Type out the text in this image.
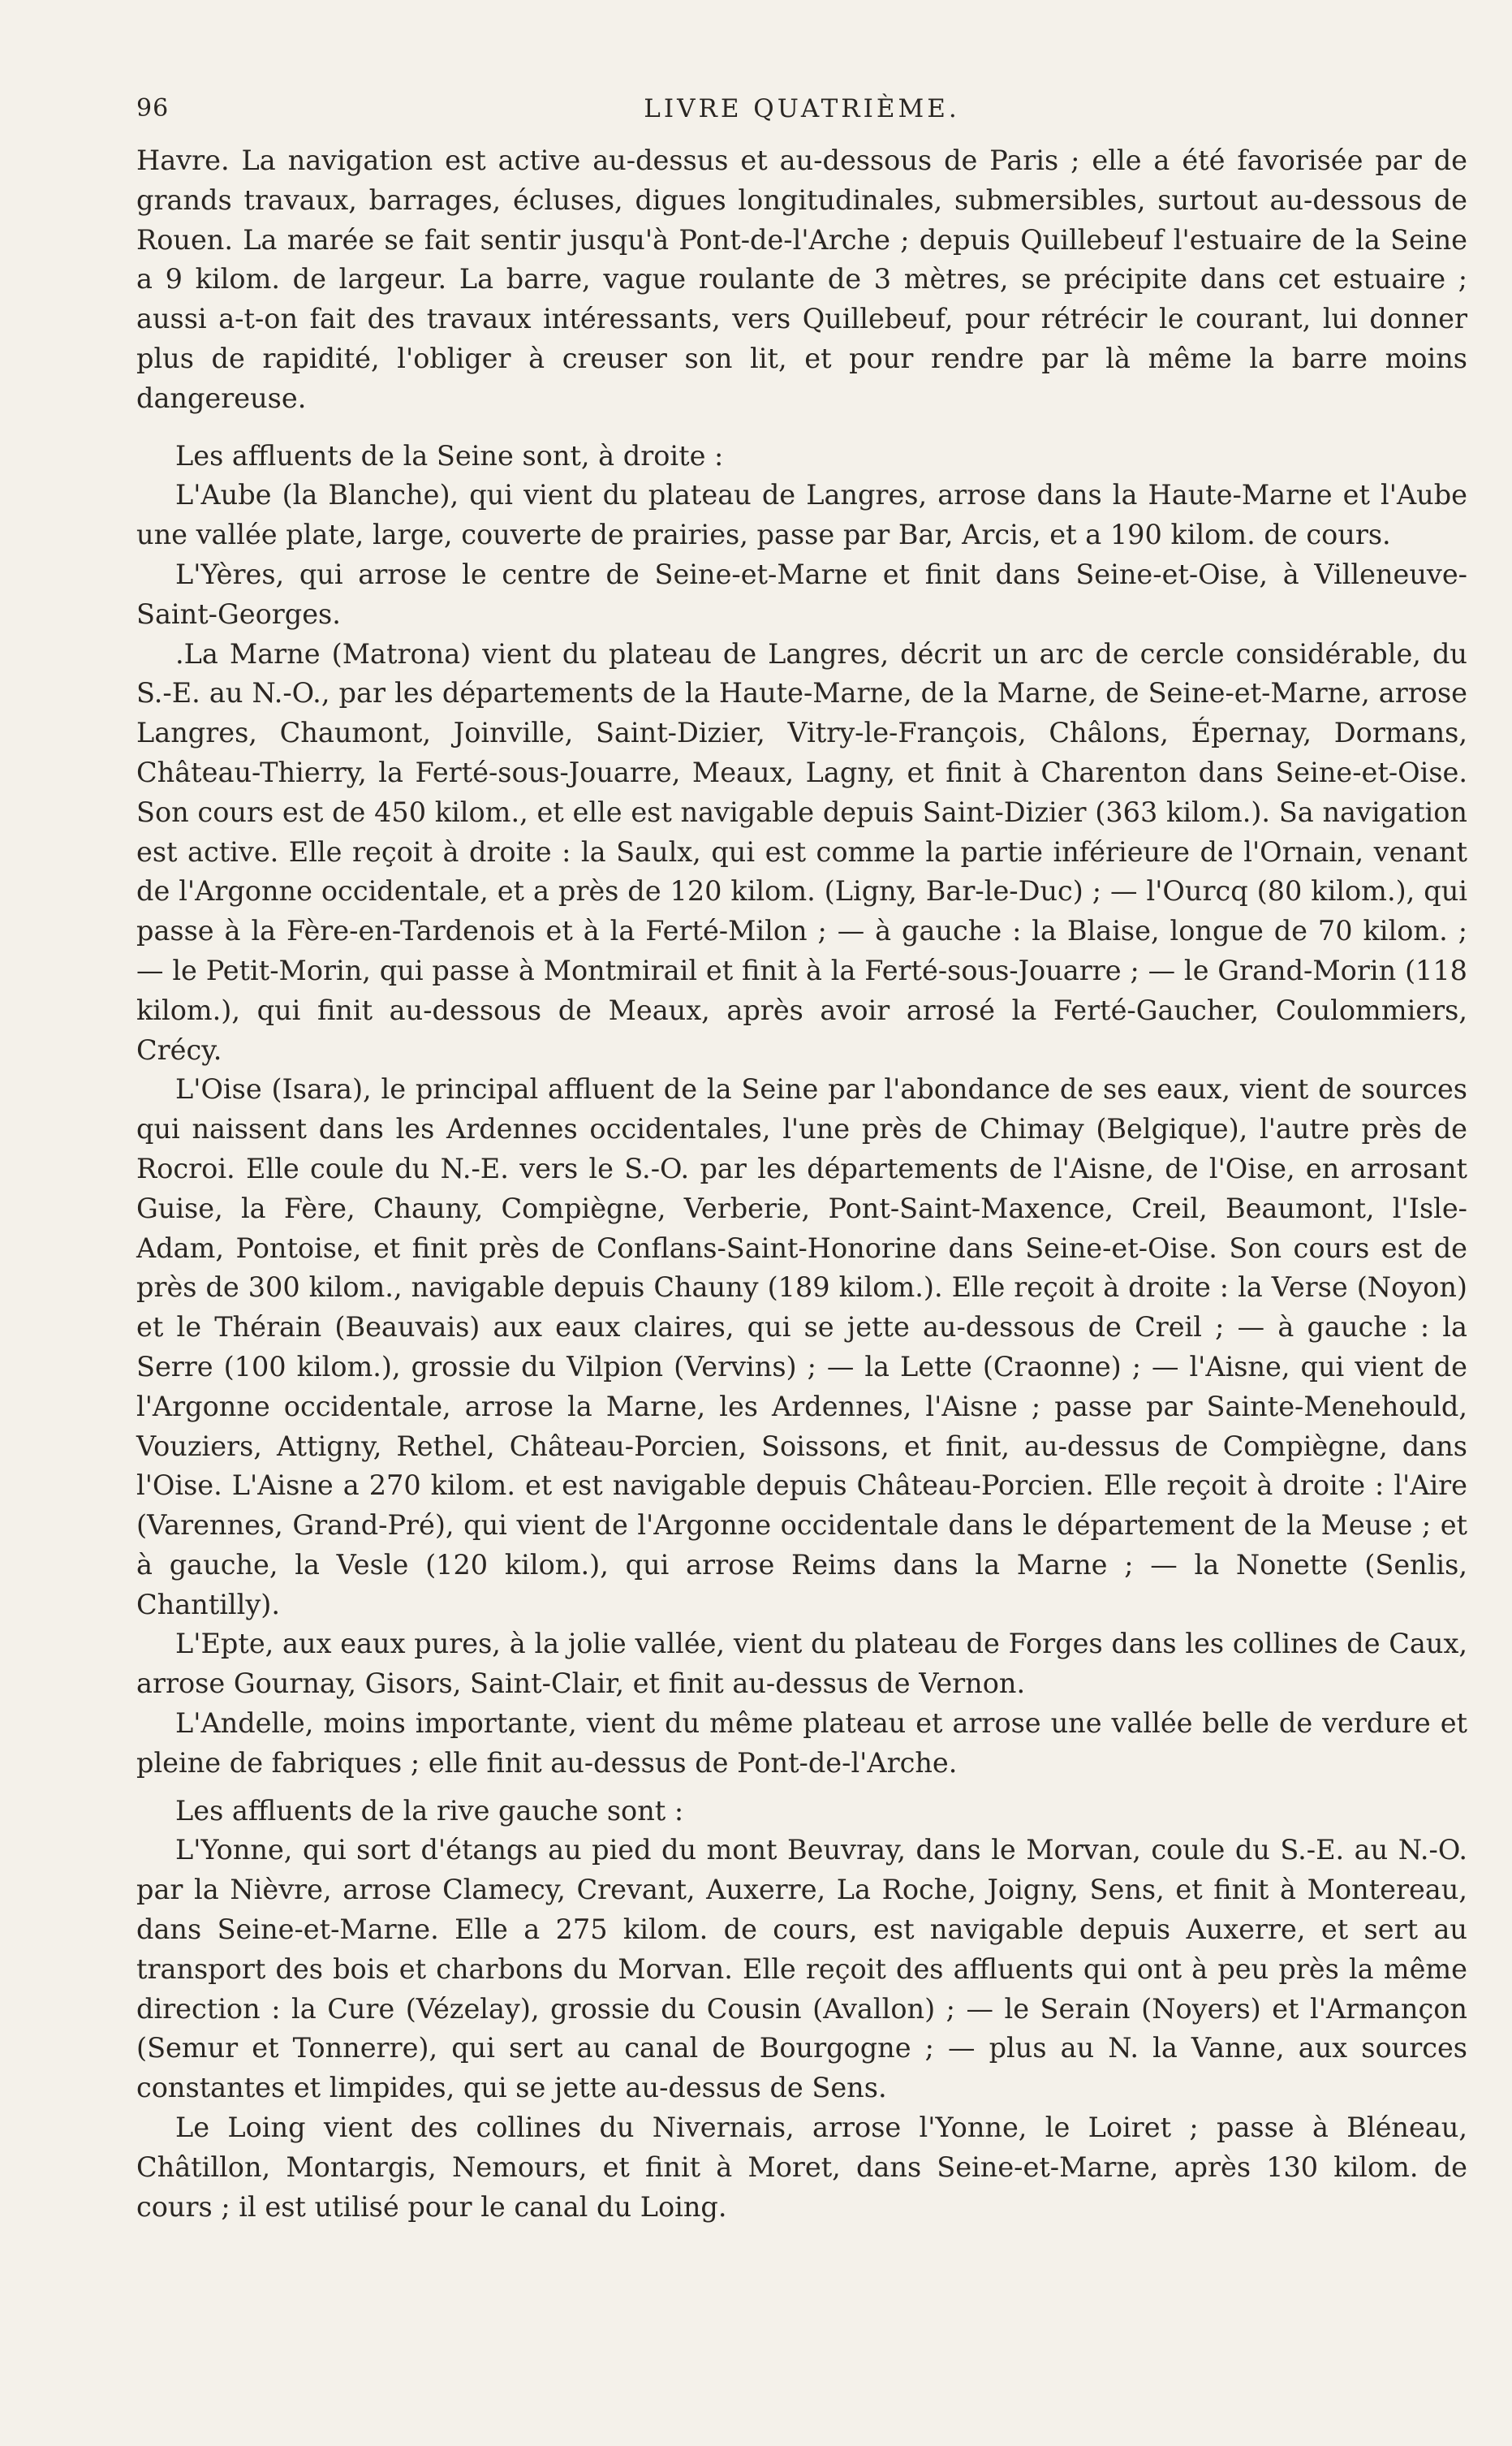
96	LIVRE QUATRIÈME.

Havre. La navigation est active au-dessus et au-dessous de Paris ; elle a été favorisée par de grands travaux, barrages, écluses, digues longitudinales, submersibles, surtout au-dessous de Rouen. La marée se fait sentir jusqu'à Pont-de-l'Arche ; depuis Quillebeuf l'estuaire de la Seine a 9 kilom. de largeur. La barre, vague roulante de 3 mètres, se précipite dans cet estuaire ; aussi a-t-on fait des travaux intéressants, vers Quillebeuf, pour rétrécir le courant, lui donner plus de rapidité, l'obliger à creuser son lit, et pour rendre par là même la barre moins dangereuse.

Les affluents de la Seine sont, à droite :

L'Aube (la Blanche), qui vient du plateau de Langres, arrose dans la Haute-Marne et l'Aube une vallée plate, large, couverte de prairies, passe par Bar, Arcis, et a 190 kilom. de cours.

L'Yères, qui arrose le centre de Seine-et-Marne et finit dans Seine-et-Oise, à Villeneuve-Saint-Georges.

.La Marne (Matrona) vient du plateau de Langres, décrit un arc de cercle considérable, du S.-E. au N.-O., par les départements de la Haute-Marne, de la Marne, de Seine-et-Marne, arrose Langres, Chaumont, Joinville, Saint-Dizier, Vitry-le-François, Châlons, Épernay, Dormans, Château-Thierry, la Ferté-sous-Jouarre, Meaux, Lagny, et finit à Charenton dans Seine-et-Oise. Son cours est de 450 kilom., et elle est navigable depuis Saint-Dizier (363 kilom.). Sa navigation est active. Elle reçoit à droite : la Saulx, qui est comme la partie inférieure de l'Ornain, venant de l'Argonne occidentale, et a près de 120 kilom. (Ligny, Bar-le-Duc) ; — l'Ourcq (80 kilom.), qui passe à la Fère-en-Tardenois et à la Ferté-Milon ; — à gauche : la Blaise, longue de 70 kilom. ; — le Petit-Morin, qui passe à Montmirail et finit à la Ferté-sous-Jouarre ; — le Grand-Morin (118 kilom.), qui finit au-dessous de Meaux, après avoir arrosé la Ferté-Gaucher, Coulommiers, Crécy.

L'Oise (Isara), le principal affluent de la Seine par l'abondance de ses eaux, vient de sources qui naissent dans les Ardennes occidentales, l'une près de Chimay (Belgique), l'autre près de Rocroi. Elle coule du N.-E. vers le S.-O. par les départements de l'Aisne, de l'Oise, en arrosant Guise, la Fère, Chauny, Compiègne, Verberie, Pont-Saint-Maxence, Creil, Beaumont, l'Isle-Adam, Pontoise, et finit près de Conflans-Saint-Honorine dans Seine-et-Oise. Son cours est de près de 300 kilom., navigable depuis Chauny (189 kilom.). Elle reçoit à droite : la Verse (Noyon) et le Thérain (Beauvais) aux eaux claires, qui se jette au-dessous de Creil ; — à gauche : la Serre (100 kilom.), grossie du Vilpion (Vervins) ; — la Lette (Craonne) ; — l'Aisne, qui vient de l'Argonne occidentale, arrose la Marne, les Ardennes, l'Aisne ; passe par Sainte-Menehould, Vouziers, Attigny, Rethel, Château-Porcien, Soissons, et finit, au-dessus de Compiègne, dans l'Oise. L'Aisne a 270 kilom. et est navigable depuis Château-Porcien. Elle reçoit à droite : l'Aire (Varennes, Grand-Pré), qui vient de l'Argonne occidentale dans le département de la Meuse ; et à gauche, la Vesle (120 kilom.), qui arrose Reims dans la Marne ; — la Nonette (Senlis, Chantilly).

L'Epte, aux eaux pures, à la jolie vallée, vient du plateau de Forges dans les collines de Caux, arrose Gournay, Gisors, Saint-Clair, et finit au-dessus de Vernon.

L'Andelle, moins importante, vient du même plateau et arrose une vallée belle de verdure et pleine de fabriques ; elle finit au-dessus de Pont-de-l'Arche.

Les affluents de la rive gauche sont :

L'Yonne, qui sort d'étangs au pied du mont Beuvray, dans le Morvan, coule du S.-E. au N.-O. par la Nièvre, arrose Clamecy, Crevant, Auxerre, La Roche, Joigny, Sens, et finit à Montereau, dans Seine-et-Marne. Elle a 275 kilom. de cours, est navigable depuis Auxerre, et sert au transport des bois et charbons du Morvan. Elle reçoit des affluents qui ont à peu près la même direction : la Cure (Vézelay), grossie du Cousin (Avallon) ; — le Serain (Noyers) et l'Armançon (Semur et Tonnerre), qui sert au canal de Bourgogne ; — plus au N. la Vanne, aux sources constantes et limpides, qui se jette au-dessus de Sens.

Le Loing vient des collines du Nivernais, arrose l'Yonne, le Loiret ; passe à Bléneau, Châtillon, Montargis, Nemours, et finit à Moret, dans Seine-et-Marne, après 130 kilom. de cours ; il est utilisé pour le canal du Loing.
